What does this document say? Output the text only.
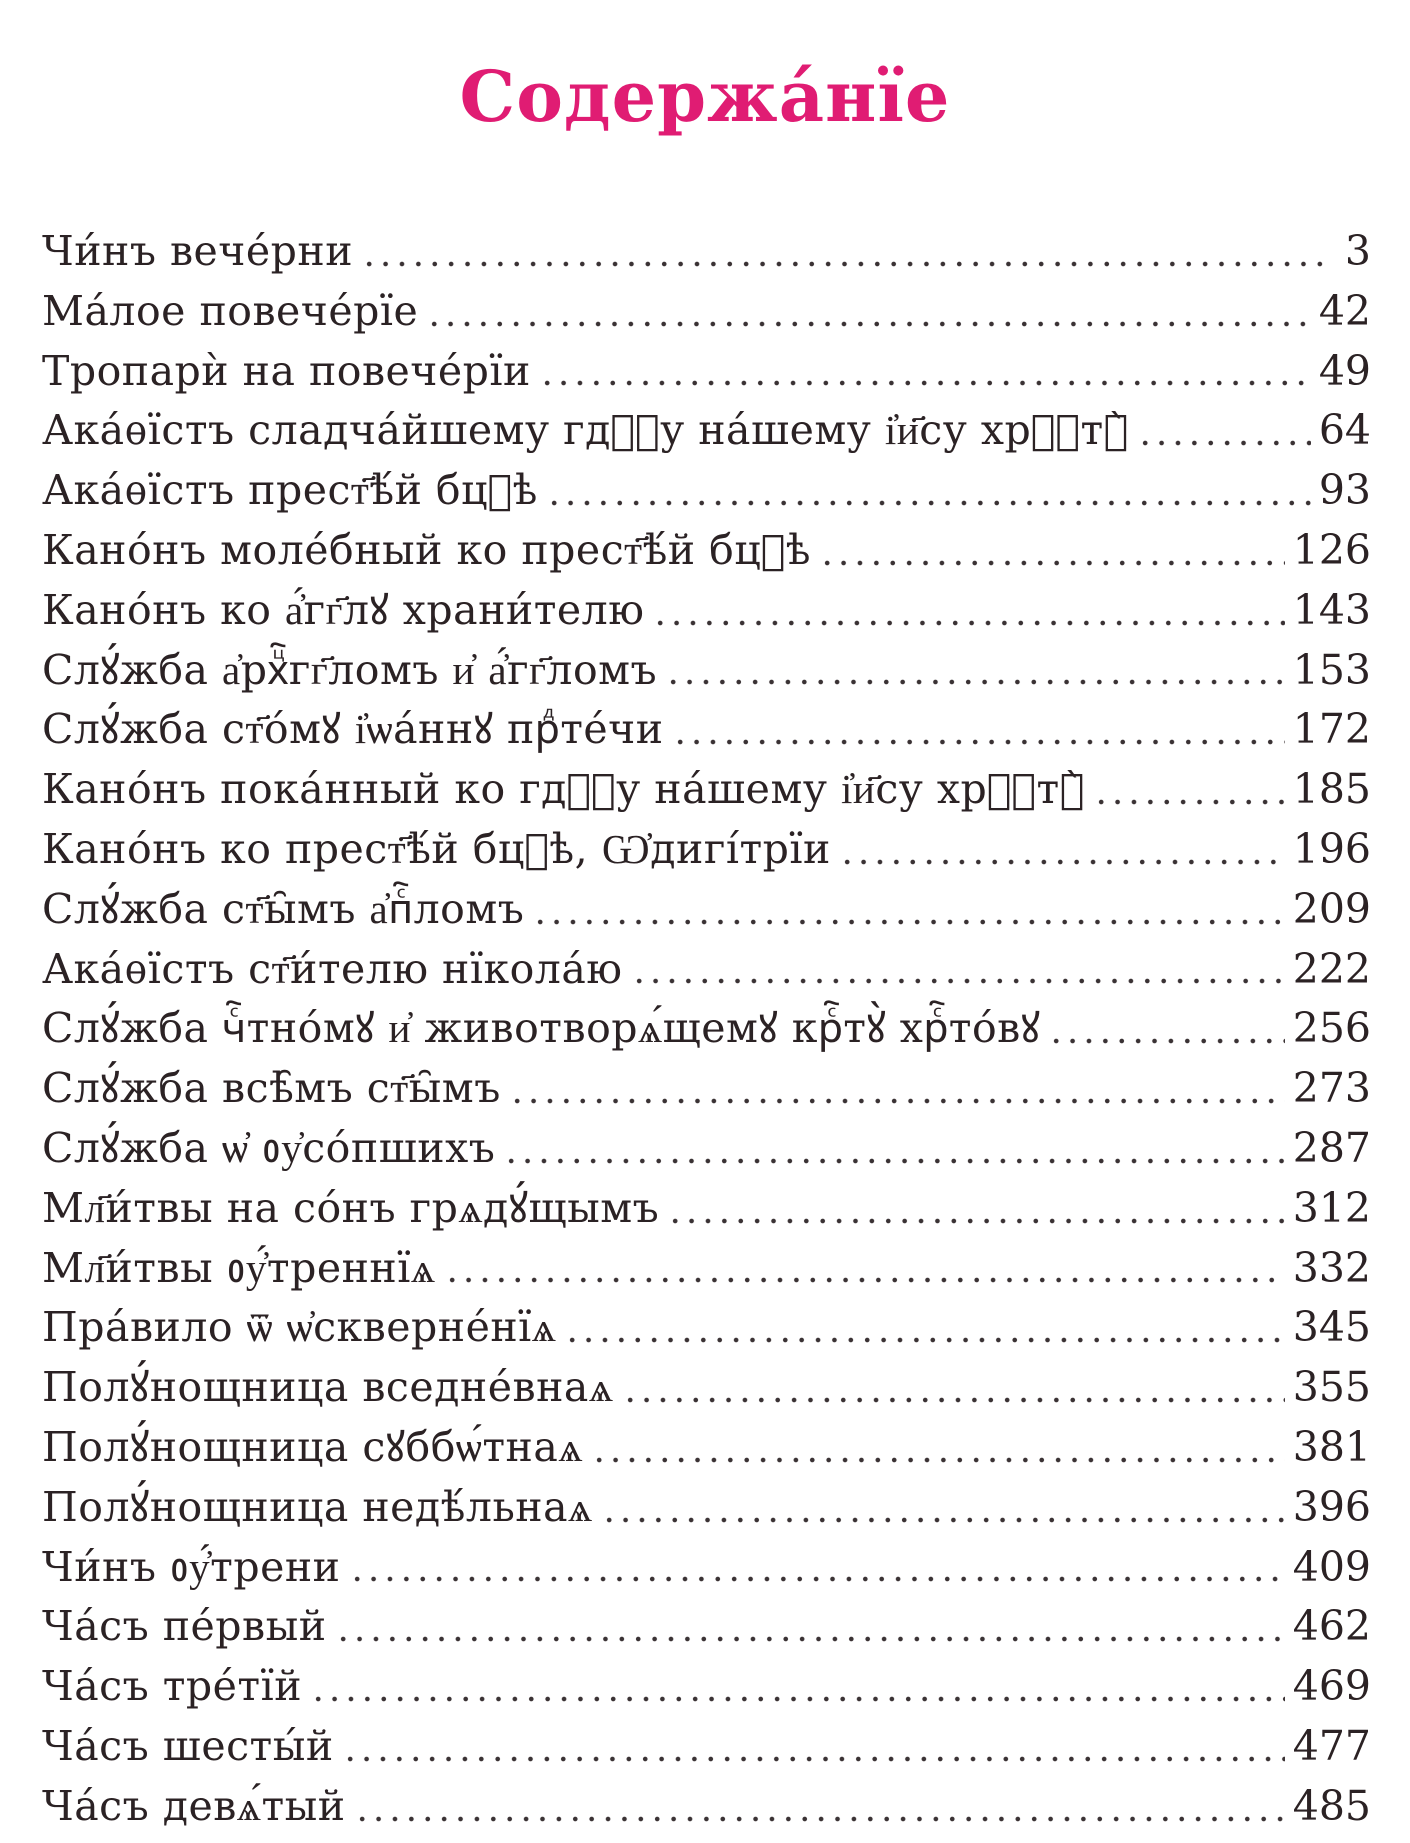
Содержа́нїе
Чи́нъ вече́рни	3
Ма́лое повече́рїе	42
Тропарѝ на повече́рїи	49
Ака́ѳїстъ сладча́йшему гдⷭ҇у на́шему і҆и҃су хрⷭ҇тꙋ̀	64
Ака́ѳїстъ прест҃ѣ́й бцⷣѣ	93
Кано́нъ моле́бный ко прест҃ѣ́й бцⷣѣ	126
Кано́нъ ко а҆́гг҃лꙋ храни́телю	143
Слꙋ́жба а҆рхⷰ҇гг҃ломъ и҆ а҆́гг҃ломъ	153
Слꙋ́жба ст҃о́мꙋ і҆ѡа́ннꙋ прⷣте́чи	172
Кано́нъ пока́нный ко гдⷭ҇у на́шему і҆и҃су хрⷭ҇тꙋ̀	185
Кано́нъ ко прест҃ѣ́й бцⷣѣ, Ѡ҆дигі́трїи	196
Слꙋ́жба ст҃ы̑мъ а҆пⷭ҇ломъ	209
Ака́ѳїстъ ст҃и́телю нїкола́ю	222
Слꙋ́жба чⷭ҇тно́мꙋ и҆ животворѧ́щемꙋ крⷭ҇тꙋ̀ хрⷭ҇то́вꙋ	256
Слꙋ́жба всѣ̑мъ ст҃ы̑мъ	273
Слꙋ́жба ѡ҆ ᲂу҆со́пшихъ	287
Мл҃и́твы на со́нъ грѧдꙋ́щымъ	312
Мл҃и́твы ᲂу҆́треннїѧ	332
Пра́вило ѿ ѡ҆скверне́нїѧ	345
Полꙋ́нощница вседне́внаѧ	355
Полꙋ́нощница сꙋббѡ́тнаѧ	381
Полꙋ́нощница недѣ́льнаѧ	396
Чи́нъ ᲂу҆́трени	409
Ча́съ пе́рвый	462
Ча́съ тре́тїй	469
Ча́съ шесты́й	477
Ча́съ девѧ́тый	485
